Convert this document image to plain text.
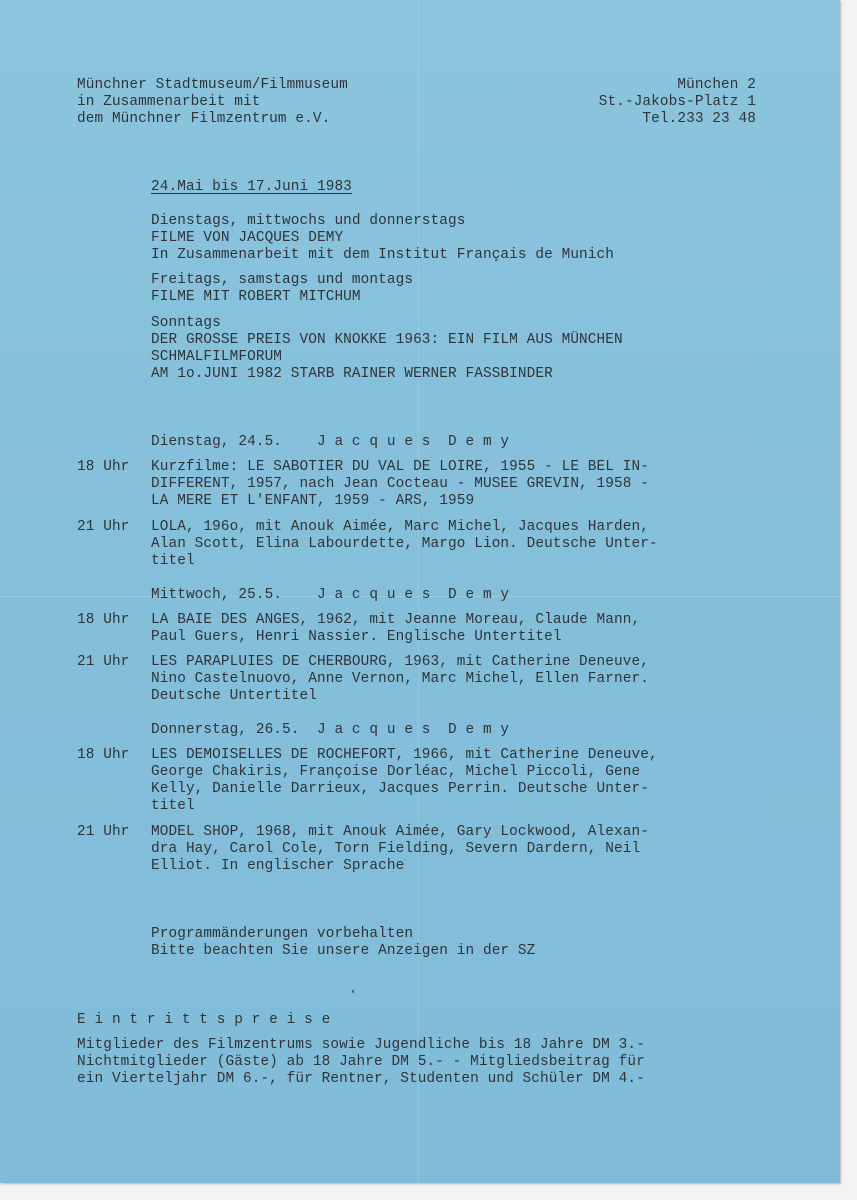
Münchner Stadtmuseum/Filmmuseum
in Zusammenarbeit mit
dem Münchner Filmzentrum e.V.
München 2
St.-Jakobs-Platz 1
Tel.233 23 48
24.Mai bis 17.Juni 1983
Dienstags, mittwochs und donnerstags
FILME VON JACQUES DEMY
In Zusammenarbeit mit dem Institut Français de Munich
Freitags, samstags und montags
FILME MIT ROBERT MITCHUM
Sonntags
DER GROSSE PREIS VON KNOKKE 1963: EIN FILM AUS MÜNCHEN
SCHMALFILMFORUM
AM 1o.JUNI 1982 STARB RAINER WERNER FASSBINDER
Dienstag, 24.5.    J a c q u e s  D e m y
18 Uhr Kurzfilme: LE SABOTIER DU VAL DE LOIRE, 1955 - LE BEL IN-
DIFFERENT, 1957, nach Jean Cocteau - MUSEE GREVIN, 1958 -
LA MERE ET L'ENFANT, 1959 - ARS, 1959
21 Uhr LOLA, 196o, mit Anouk Aimée, Marc Michel, Jacques Harden,
Alan Scott, Elina Labourdette, Margo Lion. Deutsche Unter-
titel
Mittwoch, 25.5.    J a c q u e s  D e m y
18 Uhr LA BAIE DES ANGES, 1962, mit Jeanne Moreau, Claude Mann,
Paul Guers, Henri Nassier. Englische Untertitel
21 Uhr LES PARAPLUIES DE CHERBOURG, 1963, mit Catherine Deneuve,
Nino Castelnuovo, Anne Vernon, Marc Michel, Ellen Farner.
Deutsche Untertitel
Donnerstag, 26.5.  J a c q u e s  D e m y
18 Uhr LES DEMOISELLES DE ROCHEFORT, 1966, mit Catherine Deneuve,
George Chakiris, Françoise Dorléac, Michel Piccoli, Gene
Kelly, Danielle Darrieux, Jacques Perrin. Deutsche Unter-
titel
21 Uhr MODEL SHOP, 1968, mit Anouk Aimée, Gary Lockwood, Alexan-
dra Hay, Carol Cole, Torn Fielding, Severn Dardern, Neil
Elliot. In englischer Sprache
Programmänderungen vorbehalten
Bitte beachten Sie unsere Anzeigen in der SZ
E i n t r i t t s p r e i s e
Mitglieder des Filmzentrums sowie Jugendliche bis 18 Jahre DM 3.-
Nichtmitglieder (Gäste) ab 18 Jahre DM 5.- - Mitgliedsbeitrag für
ein Vierteljahr DM 6.-, für Rentner, Studenten und Schüler DM 4.-
